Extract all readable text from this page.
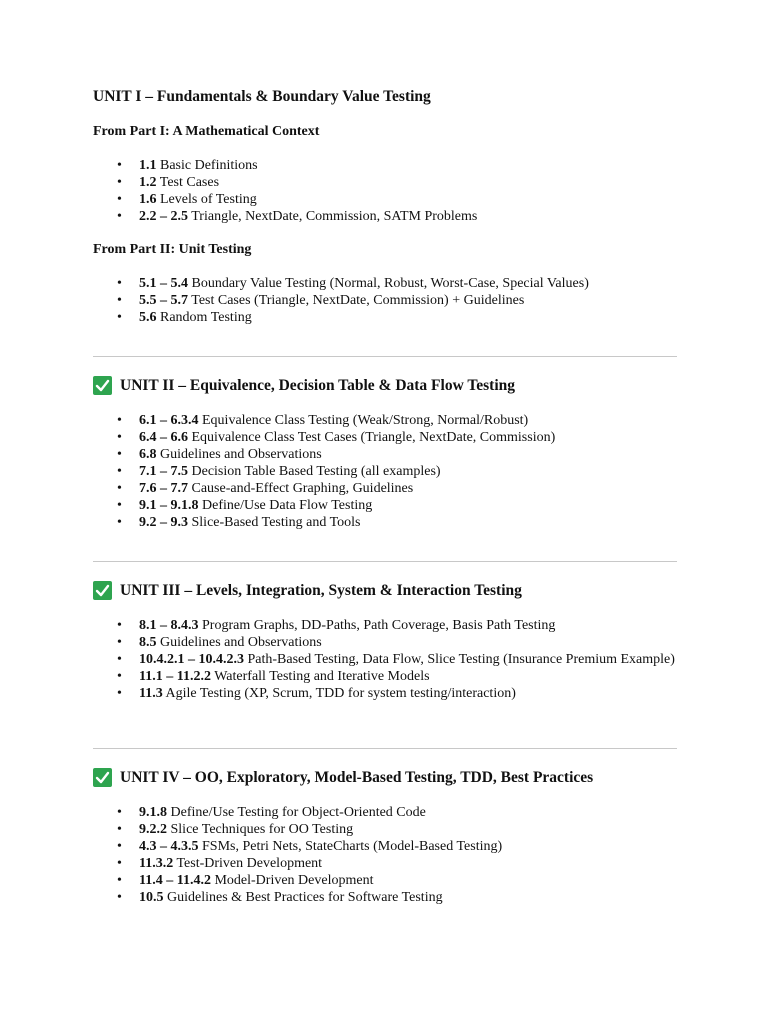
UNIT I – Fundamentals & Boundary Value Testing
From Part I: A Mathematical Context
• 1.1 Basic Definitions
• 1.2 Test Cases
• 1.6 Levels of Testing
• 2.2 – 2.5 Triangle, NextDate, Commission, SATM Problems
From Part II: Unit Testing
• 5.1 – 5.4 Boundary Value Testing (Normal, Robust, Worst-Case, Special Values)
• 5.5 – 5.7 Test Cases (Triangle, NextDate, Commission) + Guidelines
• 5.6 Random Testing
UNIT II – Equivalence, Decision Table & Data Flow Testing
• 6.1 – 6.3.4 Equivalence Class Testing (Weak/Strong, Normal/Robust)
• 6.4 – 6.6 Equivalence Class Test Cases (Triangle, NextDate, Commission)
• 6.8 Guidelines and Observations
• 7.1 – 7.5 Decision Table Based Testing (all examples)
• 7.6 – 7.7 Cause-and-Effect Graphing, Guidelines
• 9.1 – 9.1.8 Define/Use Data Flow Testing
• 9.2 – 9.3 Slice-Based Testing and Tools
UNIT III – Levels, Integration, System & Interaction Testing
• 8.1 – 8.4.3 Program Graphs, DD-Paths, Path Coverage, Basis Path Testing
• 8.5 Guidelines and Observations
• 10.4.2.1 – 10.4.2.3 Path-Based Testing, Data Flow, Slice Testing (Insurance Premium Example)
• 11.1 – 11.2.2 Waterfall Testing and Iterative Models
• 11.3 Agile Testing (XP, Scrum, TDD for system testing/interaction)
UNIT IV – OO, Exploratory, Model-Based Testing, TDD, Best Practices
• 9.1.8 Define/Use Testing for Object-Oriented Code
• 9.2.2 Slice Techniques for OO Testing
• 4.3 – 4.3.5 FSMs, Petri Nets, StateCharts (Model-Based Testing)
• 11.3.2 Test-Driven Development
• 11.4 – 11.4.2 Model-Driven Development
• 10.5 Guidelines & Best Practices for Software Testing
